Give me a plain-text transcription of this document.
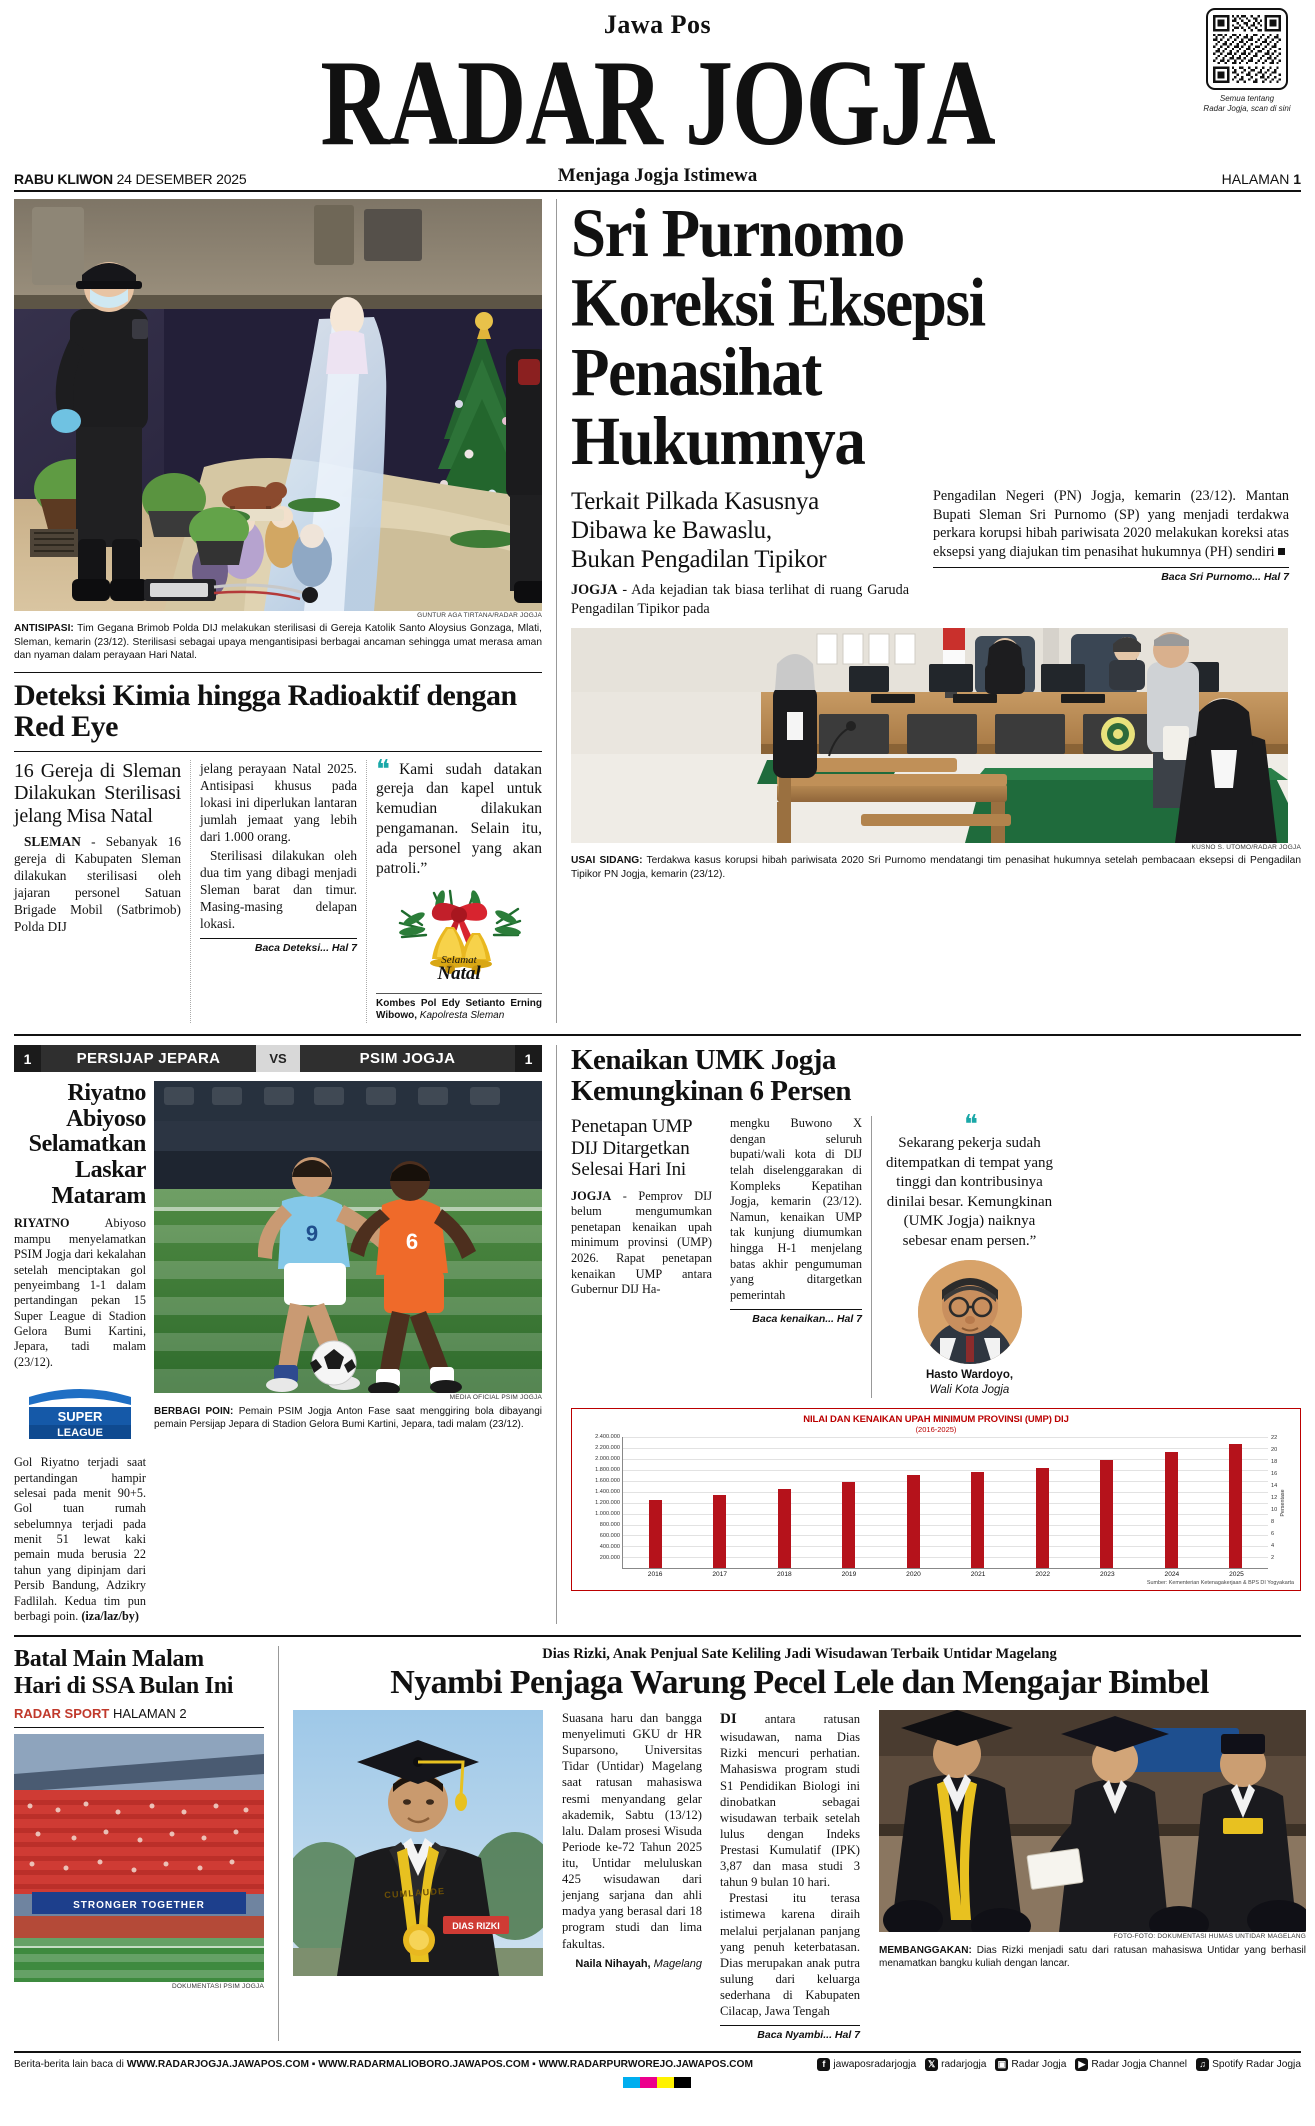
Jawa Pos
RADAR JOGJA
Menjaga Jogja Istimewa
Semua tentang
Radar Jogja, scan di sini
RABU KLIWON 24 DESEMBER 2025	HALAMAN 1
GUNTUR AGA TIRTANA/RADAR JOGJA
ANTISIPASI: Tim Gegana Brimob Polda DIJ melakukan sterilisasi di Gereja Katolik Santo Aloysius Gonzaga, Mlati, Sleman, kemarin (23/12). Sterilisasi sebagai upaya mengantisipasi berbagai ancaman sehingga umat merasa aman dan nyaman dalam perayaan Hari Natal.
Deteksi Kimia hingga Radioaktif dengan Red Eye
16 Gereja di Sleman Dilakukan Sterilisasi jelang Misa Natal

SLEMAN - Sebanyak 16 gereja di Kabupaten Sleman dilakukan sterilisasi oleh jajaran personel Satuan Brigade Mobil (Satbrimob) Polda DIJ

jelang perayaan Natal 2025. Antisipasi khusus pada lokasi ini diperlukan lantaran jumlah jemaat yang lebih dari 1.000 orang.

Sterilisasi dilakukan oleh dua tim yang dibagi menjadi Sleman barat dan timur. Masing-masing delapan lokasi.

Baca Deteksi... Hal 7
❝ Kami sudah datakan gereja dan kapel untuk kemudian dilakukan pengamanan. Selain itu, ada personel yang akan patroli.”
Selamat
Natal
Kombes Pol Edy Setianto Erning Wibowo, Kapolresta Sleman
Sri Purnomo
Koreksi Eksepsi
Penasihat
Hukumnya
Terkait Pilkada Kasusnya
Dibawa ke Bawaslu,
Bukan Pengadilan Tipikor
JOGJA - Ada kejadian tak biasa terlihat di ruang Garuda Pengadilan Tipikor pada
Pengadilan Negeri (PN) Jogja, kemarin (23/12). Mantan Bupati Sleman Sri Purnomo (SP) yang menjadi terdakwa perkara korupsi hibah pariwisata 2020 melakukan koreksi atas eksepsi yang diajukan tim penasihat hukumnya (PH) sendiri
Baca Sri Purnomo... Hal 7
KUSNO S. UTOMO/RADAR JOGJA
USAI SIDANG: Terdakwa kasus korupsi hibah pariwisata 2020 Sri Purnomo mendatangi tim penasihat hukumnya setelah pembacaan eksepsi di Pengadilan Tipikor PN Jogja, kemarin (23/12).
1	PERSIJAP JEPARA	VS	PSIM JOGJA	1
Riyatno Abiyoso Selamatkan Laskar Mataram
RIYATNO Abiyoso mampu menyelamatkan PSIM Jogja dari kekalahan setelah menciptakan gol penyeimbang 1-1 dalam pertandingan pekan 15 Super League di Stadion Gelora Bumi Kartini, Jepara, tadi malam (23/12).
SUPER
LEAGUE
Gol Riyatno terjadi saat pertandingan hampir selesai pada menit 90+5. Gol tuan rumah sebelumnya terjadi pada menit 51 lewat kaki pemain muda berusia 22 tahun yang dipinjam dari Persib Bandung, Adzikry Fadlilah. Kedua tim pun berbagi poin. (iza/laz/by)
9	6
MEDIA OFICIAL PSIM JOGJA
BERBAGI POIN: Pemain PSIM Jogja Anton Fase saat menggiring bola dibayangi pemain Persijap Jepara di Stadion Gelora Bumi Kartini, Jepara, tadi malam (23/12).
Kenaikan UMK Jogja
Kemungkinan 6 Persen
Penetapan UMP
DIJ Ditargetkan
Selesai Hari Ini

JOGJA - Pemprov DIJ belum mengumumkan penetapan kenaikan upah minimum provinsi (UMP) 2026. Rapat penetapan kenaikan UMP antara Gubernur DIJ Ha-

mengku Buwono X dengan seluruh bupati/wali kota di DIJ telah diselenggarakan di Kompleks Kepatihan Jogja, kemarin (23/12). Namun, kenaikan UMP tak kunjung diumumkan hingga H-1 menjelang batas akhir pengumuman yang ditargetkan pemerintah

Baca kenaikan... Hal 7
❝
Sekarang pekerja sudah ditempatkan di tempat yang tinggi dan kontribusinya dinilai besar. Kemungkinan (UMK Jogja) naiknya sebesar enam persen.”
Hasto Wardoyo,
Wali Kota Jogja
NILAI DAN KENAIKAN UPAH MINIMUM PROVINSI (UMP) DIJ
(2016-2025)
2.400.000
2.200.000
2.000.000
1.800.000
1.600.000
1.400.000
1.200.000
1.000.000
800.000
600.000
400.000
200.000
Persentase
22
20
18
16
14
12
10
8
6
4
2
2016	2017	2018	2019	2020	2021	2022	2023	2024	2025
Sumber: Kementerian Ketenagakerjaan & BPS DI Yogyakarta
Batal Main Malam
Hari di SSA Bulan Ini
RADAR SPORT HALAMAN 2
STRONGER TOGETHER
DOKUMENTASI PSIM JOGJA
Dias Rizki, Anak Penjual Sate Keliling Jadi Wisudawan Terbaik Untidar Magelang
Nyambi Penjaga Warung Pecel Lele dan Mengajar Bimbel
CUMLAUDE
DIAS RIZKI

Suasana haru dan bangga menyelimuti GKU dr HR Suparsono, Universitas Tidar (Untidar) Magelang saat ratusan mahasiswa resmi menyandang gelar akademik, Sabtu (13/12) lalu. Dalam prosesi Wisuda Periode ke-72 Tahun 2025 itu, Untidar meluluskan 425 wisudawan dari jenjang sarjana dan ahli madya yang berasal dari 18 program studi dan lima fakultas.

Naila Nihayah, Magelang

DI antara ratusan wisudawan, nama Dias Rizki mencuri perhatian. Mahasiswa program studi S1 Pendidikan Biologi ini dinobatkan sebagai wisudawan terbaik setelah lulus dengan Indeks Prestasi Kumulatif (IPK) 3,87 dan masa studi 3 tahun 9 bulan 10 hari.

Prestasi itu terasa istimewa karena diraih melalui perjalanan panjang yang penuh keterbatasan. Dias merupakan anak putra sulung dari keluarga sederhana di Kabupaten Cilacap, Jawa Tengah

Baca Nyambi... Hal 7
FOTO-FOTO: DOKUMENTASI HUMAS UNTIDAR MAGELANG
MEMBANGGAKAN: Dias Rizki menjadi satu dari ratusan mahasiswa Untidar yang berhasil menamatkan bangku kuliah dengan lancar.
Berita-berita lain baca di WWW.RADARJOGJA.JAWAPOS.COM ▪ WWW.RADARMALIOBORO.JAWAPOS.COM ▪ WWW.RADARPURWOREJO.JAWAPOS.COM	f jawaposradarjogja	𝕏 radarjogja ▣ Radar Jogja	▶ Radar Jogja Channel	♫ Spotify Radar Jogja
